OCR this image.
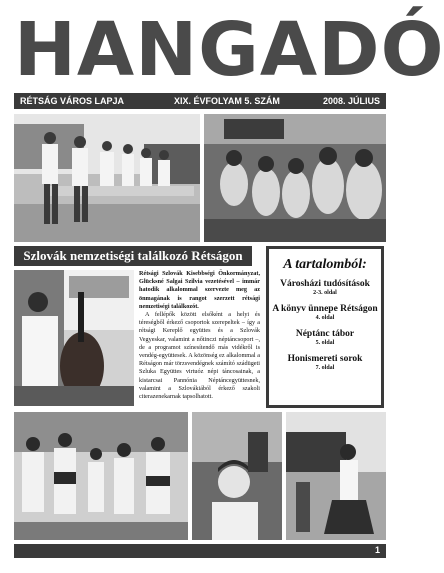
HANGADÓ
RÉTSÁG VÁROS LAPJA	XIX. ÉVFOLYAM 5. SZÁM	2008. JÚLIUS
Szlovák nemzetiségi találkozó Rétságon

Rétsági Szlovák Kisebbségi Önkormányzat, Glücksné Salgai Szilvia vezetésével – immár hatodik alkalommal szervezte meg az önmagának is rangot szerzett rétsági nemzetiségi találkozót.

A fellépők között elsőként a helyi és téreségből érkező csoportok szerepeltek – így a rétsági Kereplő együttes és a Szlovák Vegyeskar, valamint a nőtinczi néptáncsoport –, de a programot színesítendő más vidékről is vendég-együttesek. A közönség ez alkalommal a Rétságon már törzsvendégnek számító szádügeti Szluka Együttes virtuóz népi táncosainak, a kistarcsai Pannónia Néptáncegyüttesnek, valamint a Szlovákiából érkező szakoli citerazenekarnak tapsolhatott.

A tartalomból:
Városházi tudósítások
2-3. oldal
A könyv ünnepe Rétságon
4. oldal
Néptánc tábor
5. oldal
Honismereti sorok
7. oldal
1
